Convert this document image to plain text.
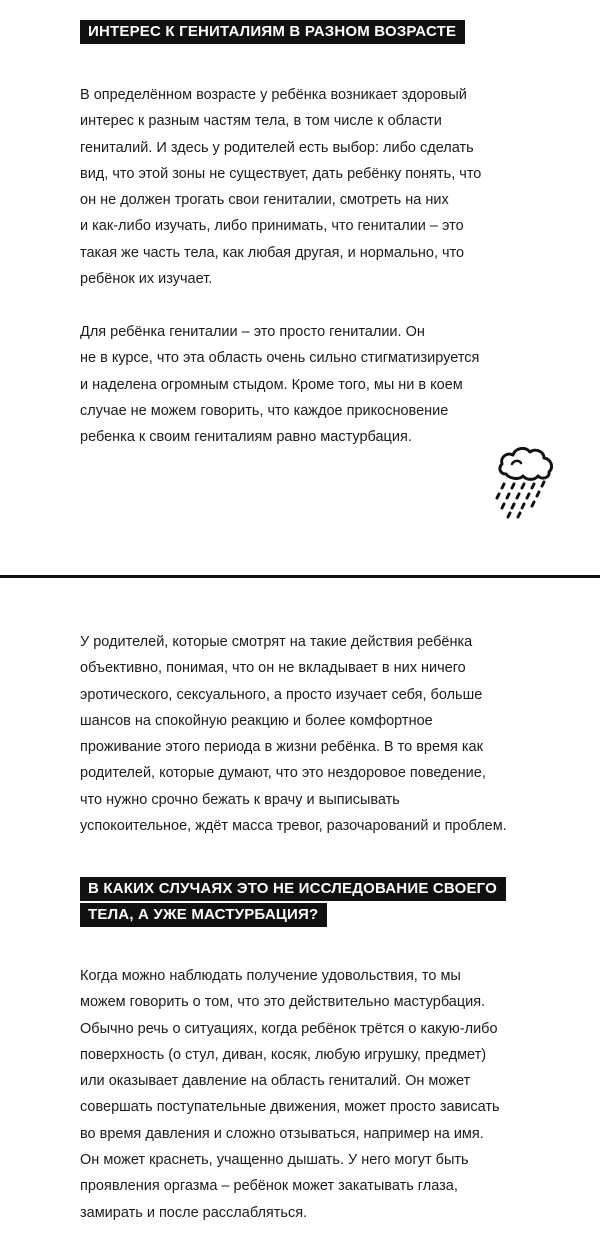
ИНТЕРЕС К ГЕНИТАЛИЯМ В РАЗНОМ ВОЗРАСТЕ

В определённом возрасте у ребёнка возникает здоровый
интерес к разным частям тела, в том числе к области
гениталий. И здесь у родителей есть выбор: либо сделать
вид, что этой зоны не существует, дать ребёнку понять, что
он не должен трогать свои гениталии, смотреть на них
и как-либо изучать, либо принимать, что гениталии – это
такая же часть тела, как любая другая, и нормально, что
ребёнок их изучает.

Для ребёнка гениталии – это просто гениталии. Он
не в курсе, что эта область очень сильно стигматизируется
и наделена огромным стыдом. Кроме того, мы ни в коем
случае не можем говорить, что каждое прикосновение
ребенка к своим гениталиям равно мастурбация.

У родителей, которые смотрят на такие действия ребёнка
объективно, понимая, что он не вкладывает в них ничего
эротического, сексуального, а просто изучает себя, больше
шансов на спокойную реакцию и более комфортное
проживание этого периода в жизни ребёнка. В то время как
родителей, которые думают, что это нездоровое поведение,
что нужно срочно бежать к врачу и выписывать
успокоительное, ждёт масса тревог, разочарований и проблем.

В КАКИХ СЛУЧАЯХ ЭТО НЕ ИССЛЕДОВАНИЕ СВОЕГО
ТЕЛА, А УЖЕ МАСТУРБАЦИЯ?

Когда можно наблюдать получение удовольствия, то мы
можем говорить о том, что это действительно мастурбация.
Обычно речь о ситуациях, когда ребёнок трётся о какую-либо
поверхность (о стул, диван, косяк, любую игрушку, предмет)
или оказывает давление на область гениталий. Он может
совершать поступательные движения, может просто зависать
во время давления и сложно отзываться, например на имя.
Он может краснеть, учащенно дышать. У него могут быть
проявления оргазма – ребёнок может закатывать глаза,
замирать и после расслабляться.
